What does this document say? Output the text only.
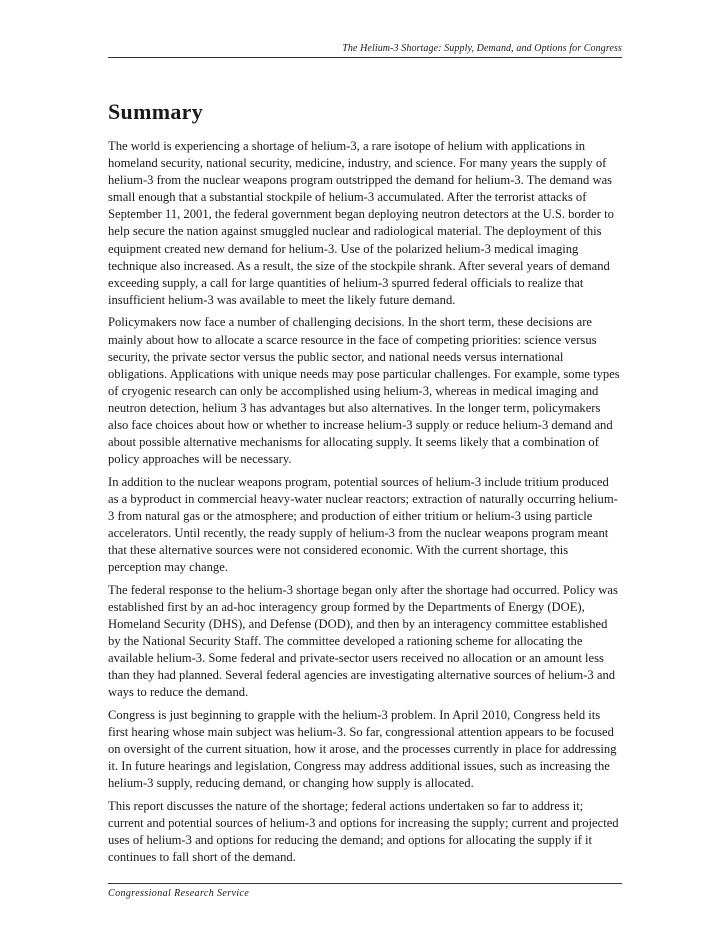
The Helium-3 Shortage: Supply, Demand, and Options for Congress
Summary

The world is experiencing a shortage of helium-3, a rare isotope of helium with applications in homeland security, national security, medicine, industry, and science. For many years the supply of helium-3 from the nuclear weapons program outstripped the demand for helium-3. The demand was small enough that a substantial stockpile of helium-3 accumulated. After the terrorist attacks of September 11, 2001, the federal government began deploying neutron detectors at the U.S. border to help secure the nation against smuggled nuclear and radiological material. The deployment of this equipment created new demand for helium-3. Use of the polarized helium-3 medical imaging technique also increased. As a result, the size of the stockpile shrank. After several years of demand exceeding supply, a call for large quantities of helium-3 spurred federal officials to realize that insufficient helium-3 was available to meet the likely future demand.

Policymakers now face a number of challenging decisions. In the short term, these decisions are mainly about how to allocate a scarce resource in the face of competing priorities: science versus security, the private sector versus the public sector, and national needs versus international obligations. Applications with unique needs may pose particular challenges. For example, some types of cryogenic research can only be accomplished using helium-3, whereas in medical imaging and neutron detection, helium 3 has advantages but also alternatives. In the longer term, policymakers also face choices about how or whether to increase helium-3 supply or reduce helium-3 demand and about possible alternative mechanisms for allocating supply. It seems likely that a combination of policy approaches will be necessary.

In addition to the nuclear weapons program, potential sources of helium-3 include tritium produced as a byproduct in commercial heavy-water nuclear reactors; extraction of naturally occurring helium-3 from natural gas or the atmosphere; and production of either tritium or helium-3 using particle accelerators. Until recently, the ready supply of helium-3 from the nuclear weapons program meant that these alternative sources were not considered economic. With the current shortage, this perception may change.

The federal response to the helium-3 shortage began only after the shortage had occurred. Policy was established first by an ad-hoc interagency group formed by the Departments of Energy (DOE), Homeland Security (DHS), and Defense (DOD), and then by an interagency committee established by the National Security Staff. The committee developed a rationing scheme for allocating the available helium-3. Some federal and private-sector users received no allocation or an amount less than they had planned. Several federal agencies are investigating alternative sources of helium-3 and ways to reduce the demand.

Congress is just beginning to grapple with the helium-3 problem. In April 2010, Congress held its first hearing whose main subject was helium-3. So far, congressional attention appears to be focused on oversight of the current situation, how it arose, and the processes currently in place for addressing it. In future hearings and legislation, Congress may address additional issues, such as increasing the helium-3 supply, reducing demand, or changing how supply is allocated.

This report discusses the nature of the shortage; federal actions undertaken so far to address it; current and potential sources of helium-3 and options for increasing the supply; current and projected uses of helium-3 and options for reducing the demand; and options for allocating the supply if it continues to fall short of the demand.

Congressional Research Service
